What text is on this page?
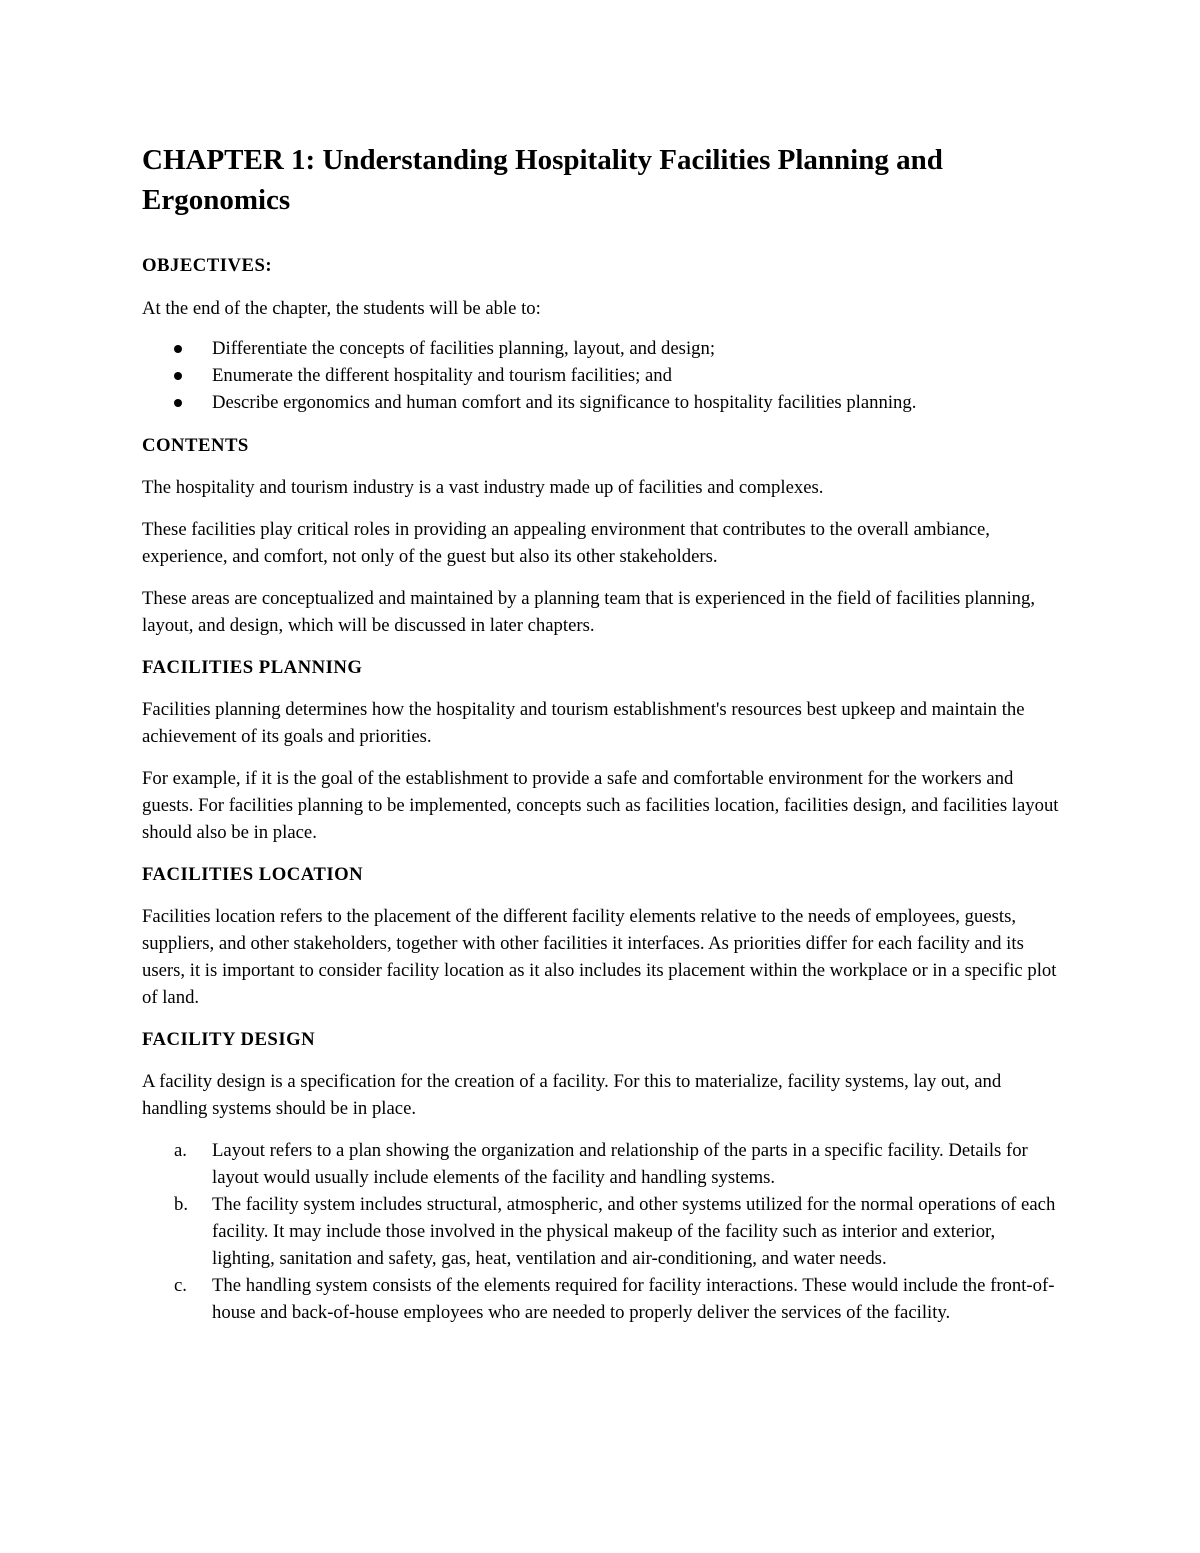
CHAPTER 1: Understanding Hospitality Facilities Planning and Ergonomics
OBJECTIVES:

At the end of the chapter, the students will be able to:

Differentiate the concepts of facilities planning, layout, and design;
Enumerate the different hospitality and tourism facilities; and
Describe ergonomics and human comfort and its significance to hospitality facilities planning.
CONTENTS

The hospitality and tourism industry is a vast industry made up of facilities and complexes.

These facilities play critical roles in providing an appealing environment that contributes to the overall ambiance, experience, and comfort, not only of the guest but also its other stakeholders.

These areas are conceptualized and maintained by a planning team that is experienced in the field of facilities planning, layout, and design, which will be discussed in later chapters.

FACILITIES PLANNING

Facilities planning determines how the hospitality and tourism establishment's resources best upkeep and maintain the achievement of its goals and priorities.

For example, if it is the goal of the establishment to provide a safe and comfortable environment for the workers and guests. For facilities planning to be implemented, concepts such as facilities location, facilities design, and facilities layout should also be in place.

FACILITIES LOCATION

Facilities location refers to the placement of the different facility elements relative to the needs of employees, guests, suppliers, and other stakeholders, together with other facilities it interfaces. As priorities differ for each facility and its users, it is important to consider facility location as it also includes its placement within the workplace or in a specific plot of land.

FACILITY DESIGN

A facility design is a specification for the creation of a facility. For this to materialize, facility systems, lay out, and handling systems should be in place.

a. Layout refers to a plan showing the organization and relationship of the parts in a specific facility. Details for layout would usually include elements of the facility and handling systems.
b. The facility system includes structural, atmospheric, and other systems utilized for the normal operations of each facility. It may include those involved in the physical makeup of the facility such as interior and exterior, lighting, sanitation and safety, gas, heat, ventilation and air-conditioning, and water needs.
c. The handling system consists of the elements required for facility interactions. These would include the front-of-house and back-of-house employees who are needed to properly deliver the services of the facility.
